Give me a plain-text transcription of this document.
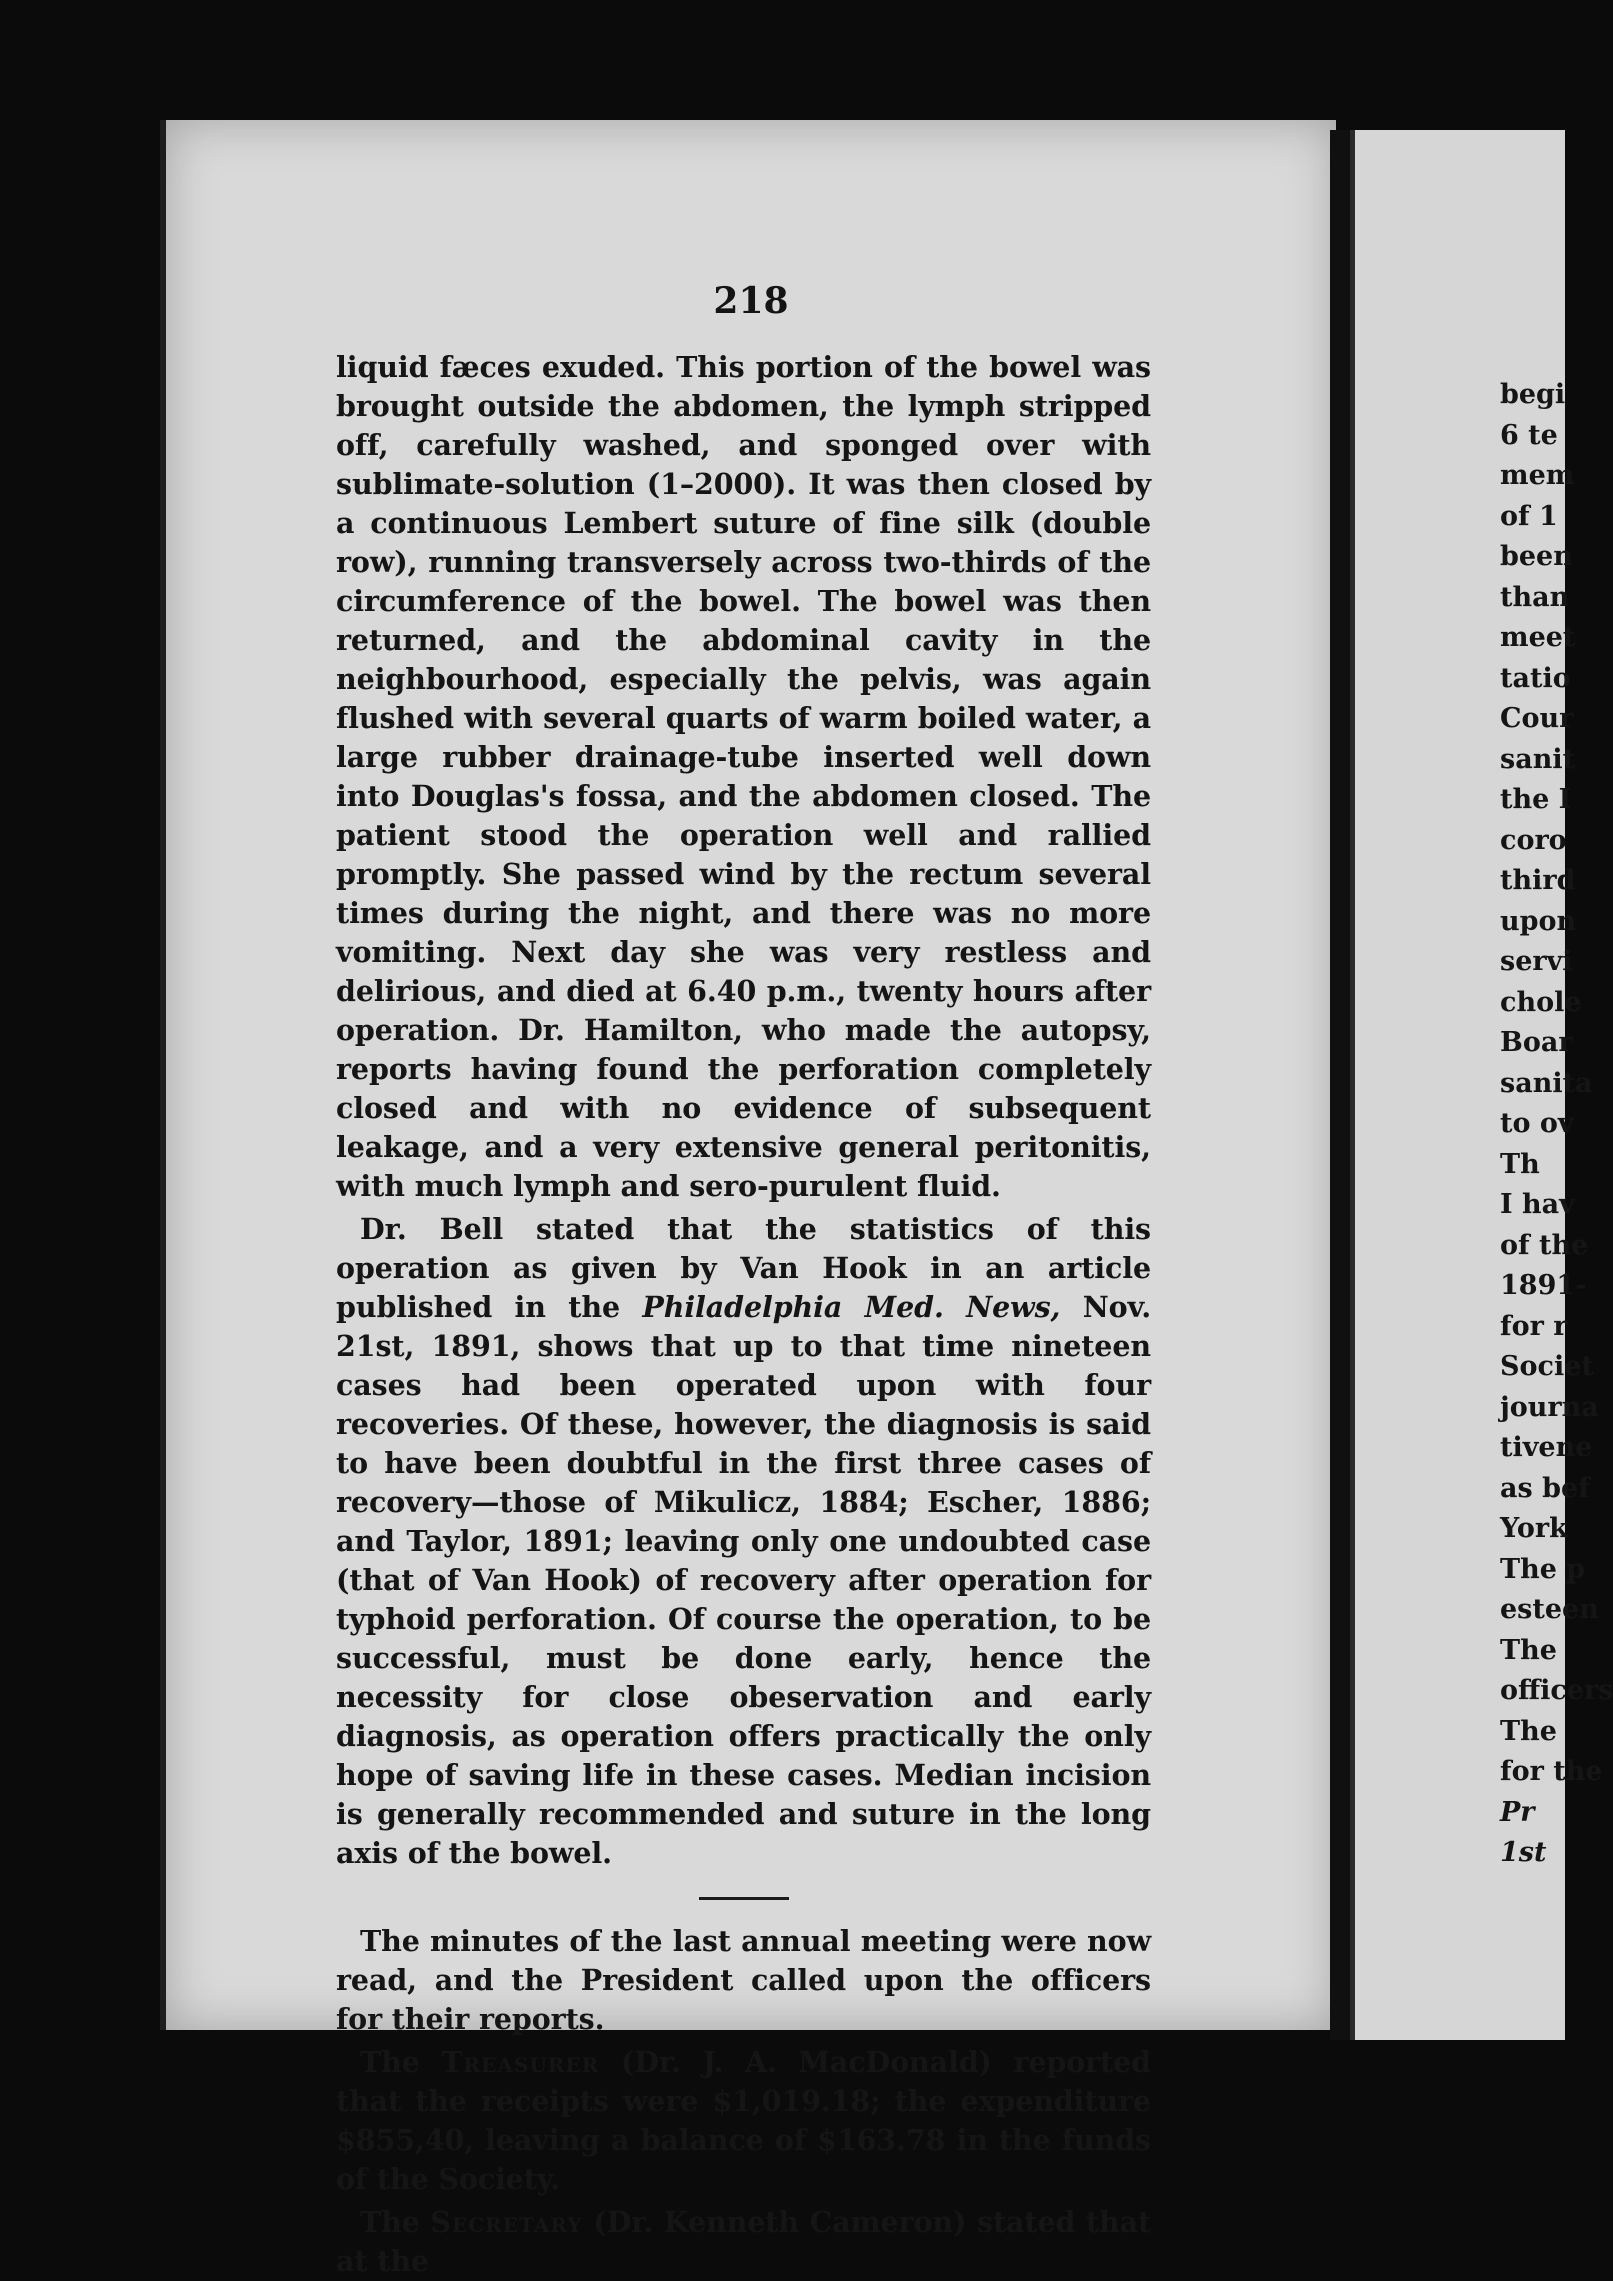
218

liquid fæces exuded. This portion of the bowel was brought outside the abdomen, the lymph stripped off, carefully washed, and sponged over with sublimate-solution (1–2000). It was then closed by a continuous Lembert suture of fine silk (double row), running transversely across two-thirds of the circumference of the bowel. The bowel was then returned, and the abdominal cavity in the neighbourhood, especially the pelvis, was again flushed with several quarts of warm boiled water, a large rubber drainage-tube inserted well down into Douglas's fossa, and the abdomen closed. The patient stood the operation well and rallied promptly. She passed wind by the rectum several times during the night, and there was no more vomiting. Next day she was very restless and delirious, and died at 6.40 p.m., twenty hours after operation. Dr. Hamilton, who made the autopsy, reports having found the perforation completely closed and with no evidence of subsequent leakage, and a very extensive general peritonitis, with much lymph and sero-purulent fluid.

Dr. Bell stated that the statistics of this operation as given by Van Hook in an article published in the Philadelphia Med. News, Nov. 21st, 1891, shows that up to that time nineteen cases had been operated upon with four recoveries. Of these, however, the diagnosis is said to have been doubtful in the first three cases of recovery—those of Mikulicz, 1884; Escher, 1886; and Taylor, 1891; leaving only one undoubted case (that of Van Hook) of recovery after operation for typhoid perforation. Of course the operation, to be successful, must be done early, hence the necessity for close obeservation and early diagnosis, as operation offers practically the only hope of saving life in these cases. Median incision is generally recommended and suture in the long axis of the bowel.

The minutes of the last annual meeting were now read, and the President called upon the officers for their reports.

The Treasurer (Dr. J. A. MacDonald) reported that the receipts were $1,019.18; the expenditure $855,40, leaving a balance of $163.78 in the funds of the Society.

The Secretary (Dr. Kenneth Cameron) stated that at the

begi
6 te
mem
of 1
been
than
meet
tatio
Cour
sanit
the I
coro
third
upon
servi
chole
Boar
sanita
to ov
Th
I hav
of the
1891-
for r
Societ
journa
tivene
as bef
York
The p
esteen
The
officers
The
for the
Pr
1st
